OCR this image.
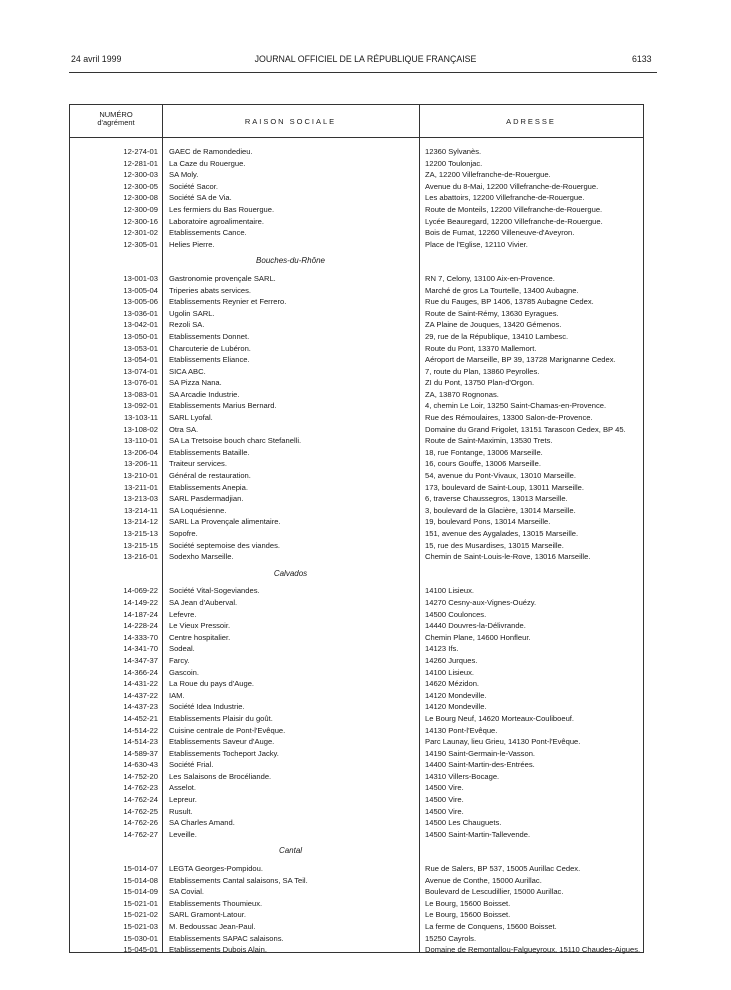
24 avril 1999	JOURNAL OFFICIEL DE LA RÉPUBLIQUE FRANÇAISE	6133
NUMÉRO
d'agrément	RAISON SOCIALE	ADRESSE
12-274-01 GAEC de Ramondedieu.	12360 Sylvanès.
12-281-01 La Caze du Rouergue.	12200 Toulonjac.
12-300-03 SA Moly.	ZA, 12200 Villefranche-de-Rouergue.
12-300-05 Société Sacor.	Avenue du 8-Mai, 12200 Villefranche-de-Rouergue.
12-300-08 Société SA de Via.	Les abattoirs, 12200 Villefranche-de-Rouergue.
12-300-09 Les fermiers du Bas Rouergue.	Route de Monteils, 12200 Villefranche-de-Rouergue.
12-300-16 Laboratoire agroalimentaire.	Lycée Beauregard, 12200 Villefranche-de-Rouergue.
12-301-02 Etablissements Cance.	Bois de Fumat, 12260 Villeneuve-d'Aveyron.
12-305-01 Helies Pierre.	Place de l'Eglise, 12110 Vivier.
Bouches-du-Rhône
13-001-03 Gastronomie provençale SARL.	RN 7, Celony, 13100 Aix-en-Provence.
13-005-04 Triperies abats services.	Marché de gros La Tourtelle, 13400 Aubagne.
13-005-06 Etablissements Reynier et Ferrero.	Rue du Fauges, BP 1406, 13785 Aubagne Cedex.
13-036-01 Ugolin SARL.	Route de Saint-Rémy, 13630 Eyragues.
13-042-01 Rezoli SA.	ZA Plaine de Jouques, 13420 Gémenos.
13-050-01 Etablissements Donnet.	29, rue de la République, 13410 Lambesc.
13-053-01 Charcuterie de Lubéron.	Route du Pont, 13370 Mallemort.
13-054-01 Etablissements Eliance.	Aéroport de Marseille, BP 39, 13728 Marignanne Cedex.
13-074-01 SICA ABC.	7, route du Plan, 13860 Peyrolles.
13-076-01 SA Pizza Nana.	ZI du Pont, 13750 Plan-d'Orgon.
13-083-01 SA Arcadie Industrie.	ZA, 13870 Rognonas.
13-092-01 Etablissements Marius Bernard.	4, chemin Le Loir, 13250 Saint-Chamas-en-Provence.
13-103-11 SARL Lyofal.	Rue des Rémoulaires, 13300 Salon-de-Provence.
13-108-02 Otra SA.	Domaine du Grand Frigolet, 13151 Tarascon Cedex, BP 45.
13-110-01 SA La Tretsoise bouch charc Stefanelli.	Route de Saint-Maximin, 13530 Trets.
13-206-04 Etablissements Bataille.	18, rue Fontange, 13006 Marseille.
13-206-11 Traiteur services.	16, cours Gouffe, 13006 Marseille.
13-210-01 Général de restauration.	54, avenue du Pont-Vivaux, 13010 Marseille.
13-211-01 Etablissements Anepia.	173, boulevard de Saint-Loup, 13011 Marseille.
13-213-03 SARL Pasdermadjian.	6, traverse Chaussegros, 13013 Marseille.
13-214-11 SA Loquésienne.	3, boulevard de la Glacière, 13014 Marseille.
13-214-12 SARL La Provençale alimentaire.	19, boulevard Pons, 13014 Marseille.
13-215-13 Sopofre.	151, avenue des Aygalades, 13015 Marseille.
13-215-15 Société septemoise des viandes.	15, rue des Musardises, 13015 Marseille.
13-216-01 Sodexho Marseille.	Chemin de Saint-Louis-le-Rove, 13016 Marseille.
Calvados
14-069-22 Société Vital-Sogeviandes.	14100 Lisieux.
14-149-22 SA Jean d'Auberval.	14270 Cesny-aux-Vignes-Ouézy.
14-187-24 Lefevre.	14500 Coulonces.
14-228-24 Le Vieux Pressoir.	14440 Douvres-la-Délivrande.
14-333-70 Centre hospitalier.	Chemin Plane, 14600 Honfleur.
14-341-70 Sodeal.	14123 Ifs.
14-347-37 Farcy.	14260 Jurques.
14-366-24 Gascoin.	14100 Lisieux.
14-431-22 La Roue du pays d'Auge.	14620 Mézidon.
14-437-22 IAM.	14120 Mondeville.
14-437-23 Société Idea Industrie.	14120 Mondeville.
14-452-21 Etablissements Plaisir du goût.	Le Bourg Neuf, 14620 Morteaux-Couliboeuf.
14-514-22 Cuisine centrale de Pont-l'Evêque.	14130 Pont-l'Evêque.
14-514-23 Etablissements Saveur d'Auge.	Parc Launay, lieu Grieu, 14130 Pont-l'Evêque.
14-589-37 Etablissements Tocheport Jacky.	14190 Saint-Germain-le-Vasson.
14-630-43 Société Frial.	14400 Saint-Martin-des-Entrées.
14-752-20 Les Salaisons de Brocéliande.	14310 Villers-Bocage.
14-762-23 Asselot.	14500 Vire.
14-762-24 Lepreur.	14500 Vire.
14-762-25 Rusult.	14500 Vire.
14-762-26 SA Charles Amand.	14500 Les Chauguets.
14-762-27 Leveille.	14500 Saint-Martin-Tallevende.
Cantal
15-014-07 LEGTA Georges-Pompidou.	Rue de Salers, BP 537, 15005 Aurillac Cedex.
15-014-08 Etablissements Cantal salaisons, SA Teil.	Avenue de Conthe, 15000 Aurillac.
15-014-09 SA Covial.	Boulevard de Lescudillier, 15000 Aurillac.
15-021-01 Etablissements Thoumieux.	Le Bourg, 15600 Boisset.
15-021-02 SARL Gramont-Latour.	Le Bourg, 15600 Boisset.
15-021-03 M. Bedoussac Jean-Paul.	La ferme de Conquens, 15600 Boisset.
15-030-01 Etablissements SAPAC salaisons.	15250 Cayrols.
15-045-01 Etablissements Dubois Alain.	Domaine de Remontallou-Falgueyroux, 15110 Chaudes-Aigues.
